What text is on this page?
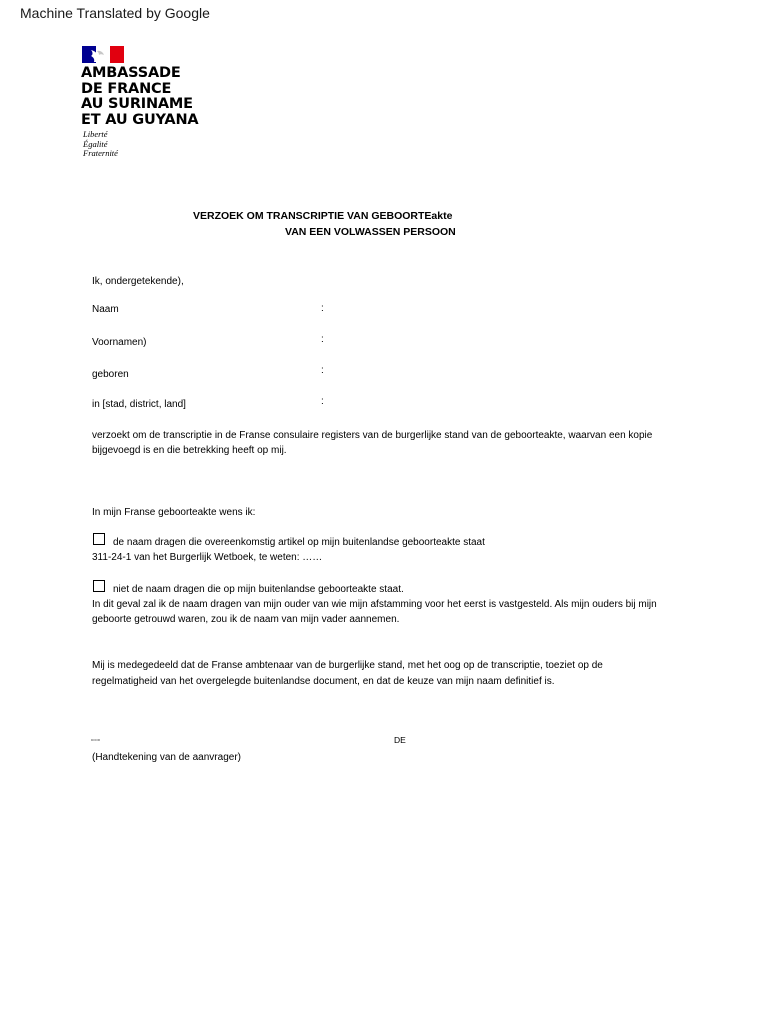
Machine Translated by Google
AMBASSADE
DE FRANCE
AU SURINAME
ET AU GUYANA
Liberté
Égalité
Fraternité
VERZOEK OM TRANSCRIPTIE VAN GEBOORTEakte
VAN EEN VOLWASSEN PERSOON
Ik, ondergetekende),
Naam	:
Voornamen)	:
geboren	:
in [stad, district, land]	:
verzoekt om de transcriptie in de Franse consulaire registers van de burgerlijke stand van de geboorteakte, waarvan een kopie bijgevoegd is en die betrekking heeft op mij.
In mijn Franse geboorteakte wens ik:
de naam dragen die overeenkomstig artikel op mijn buitenlandse geboorteakte staat
311-24-1 van het Burgerlijk Wetboek, te weten: ……
niet de naam dragen die op mijn buitenlandse geboorteakte staat.
In dit geval zal ik de naam dragen van mijn ouder van wie mijn afstamming voor het eerst is vastgesteld. Als mijn ouders bij mijn geboorte getrouwd waren, zou ik de naam van mijn vader aannemen.
Mij is medegedeeld dat de Franse ambtenaar van de burgerlijke stand, met het oog op de transcriptie, toeziet op de regelmatigheid van het overgelegde buitenlandse document, en dat de keuze van mijn naam definitief is.
DOOR	DE
(Handtekening van de aanvrager)
